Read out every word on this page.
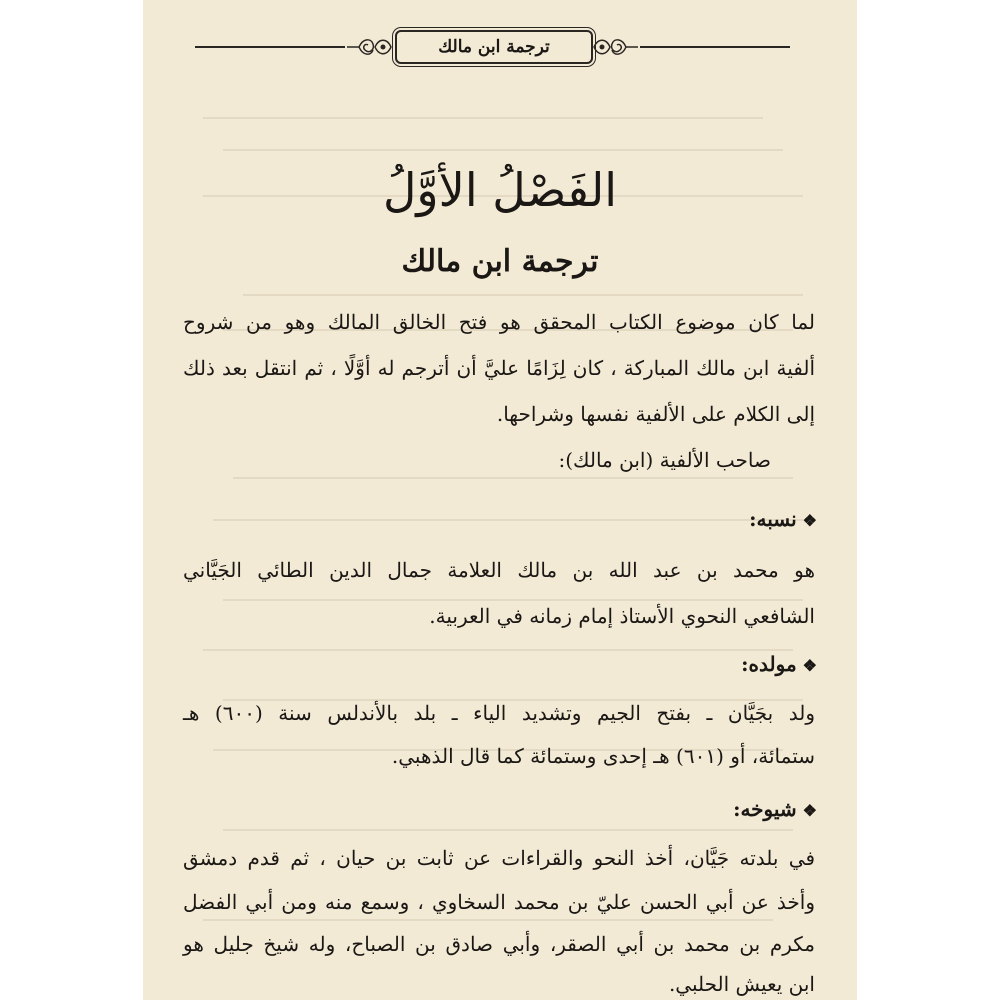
ترجمة ابن مالك
الفَصْلُ الأوَّلُ
ترجمة ابن مالك
لما كان موضوع الكتاب المحقق هو فتح الخالق المالك وهو من شروح
ألفية ابن مالك المباركة ، كان لِزَامًا عليَّ أن أترجم له أوَّلًا ، ثم انتقل بعد ذلك
إلى الكلام على الألفية نفسها وشراحها.
صاحب الألفية (ابن مالك):
❖نسبه:
هو محمد بن عبد الله بن مالك العلامة جمال الدين الطائي الجَيَّاني
الشافعي النحوي الأستاذ إمام زمانه في العربية.
❖مولده:
ولد بجَيَّان ـ بفتح الجيم وتشديد الياء ـ بلد بالأندلس سنة (٦٠٠) هـ
ستمائة، أو (٦٠١) هـ إحدى وستمائة كما قال الذهبي.
❖شيوخه:
في بلدته جَيَّان، أخذ النحو والقراءات عن ثابت بن حيان ، ثم قدم دمشق
وأخذ عن أبي الحسن عليّ بن محمد السخاوي ، وسمع منه ومن أبي الفضل
مكرم بن محمد بن أبي الصقر، وأبي صادق بن الصباح، وله شيخ جليل هو
ابن يعيش الحلبي.
